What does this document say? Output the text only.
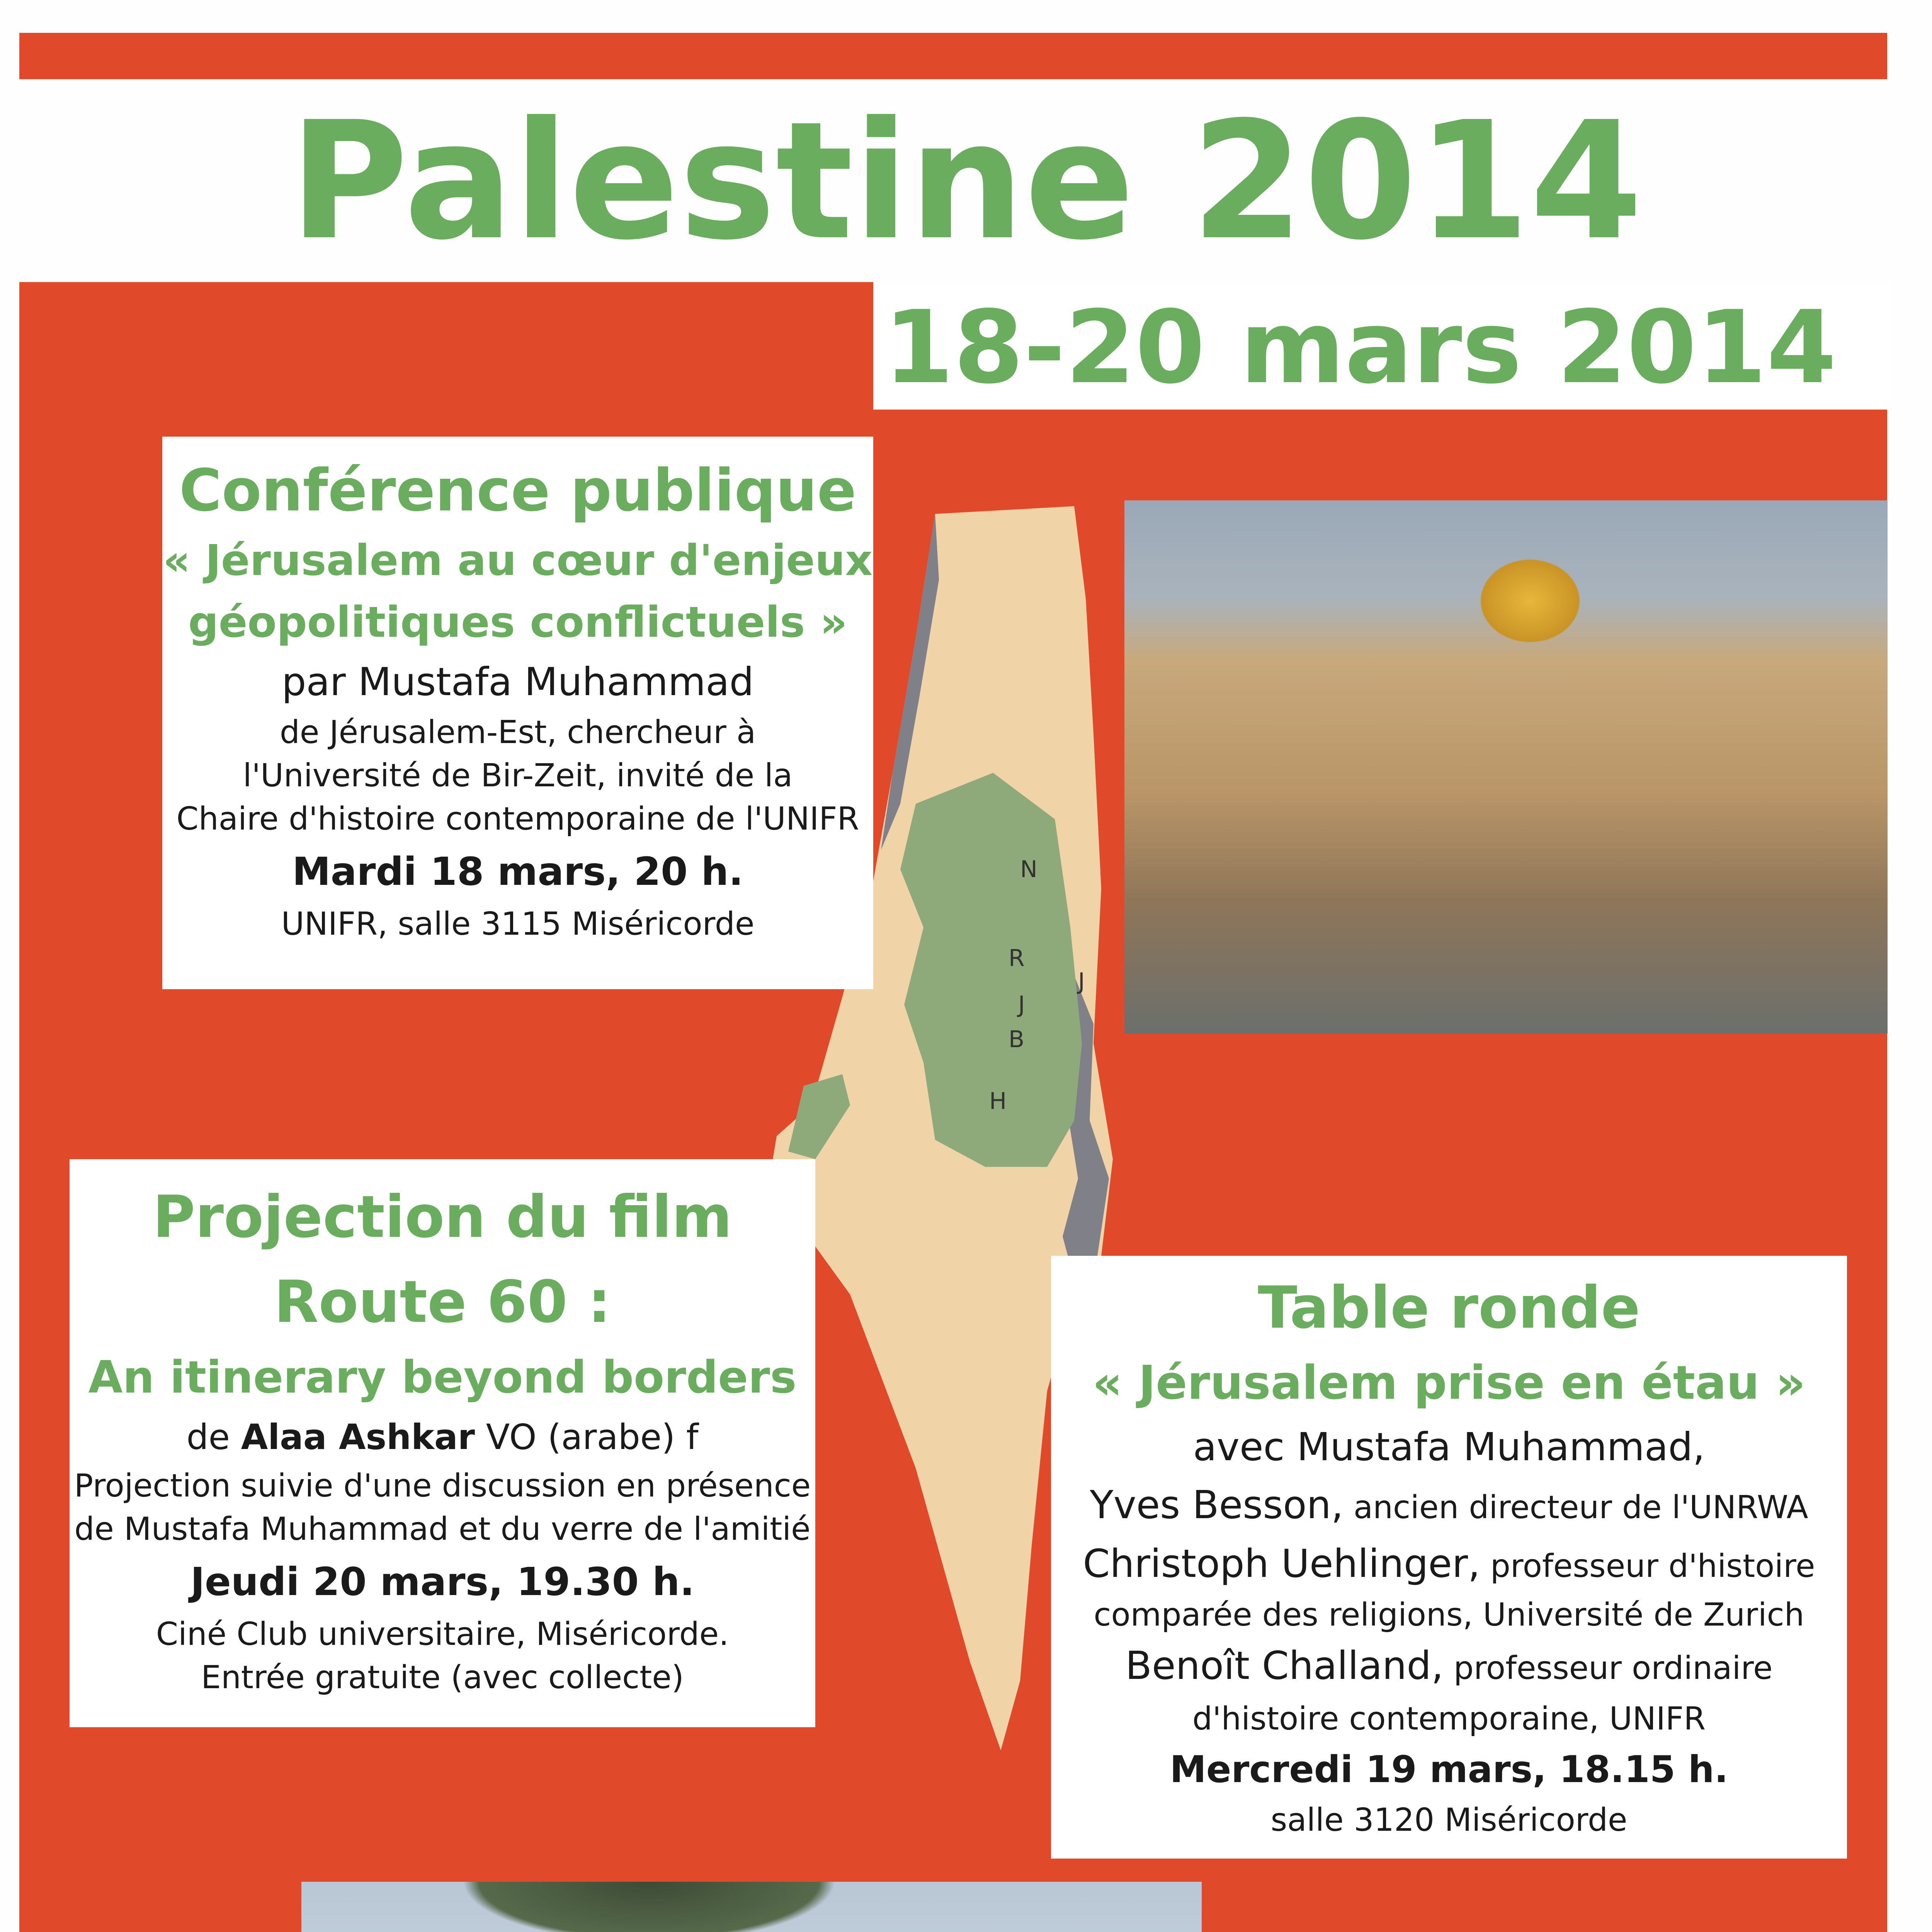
Palestine 2014
18-20 mars 2014
N
R
J
B
H
J
Conférence publique
« Jérusalem au cœur d'enjeux
géopolitiques conflictuels »
par Mustafa Muhammad
de Jérusalem-Est, chercheur à
l'Université de Bir-Zeit, invité de la
Chaire d'histoire contemporaine de l'UNIFR
Mardi 18 mars, 20 h.
UNIFR, salle 3115 Miséricorde
Projection du film
Route 60 :
An itinerary beyond borders
de Alaa Ashkar VO (arabe) f
Projection suivie d'une discussion en présence
de Mustafa Muhammad et du verre de l'amitié
Jeudi 20 mars, 19.30 h.
Ciné Club universitaire, Miséricorde.
Entrée gratuite (avec collecte)
Table ronde
« Jérusalem prise en étau »
avec Mustafa Muhammad,
Yves Besson, ancien directeur de l'UNRWA
Christoph Uehlinger, professeur d'histoire
comparée des religions, Université de Zurich
Benoît Challand, professeur ordinaire
d'histoire contemporaine, UNIFR
Mercredi 19 mars, 18.15 h.
salle 3120 Miséricorde
